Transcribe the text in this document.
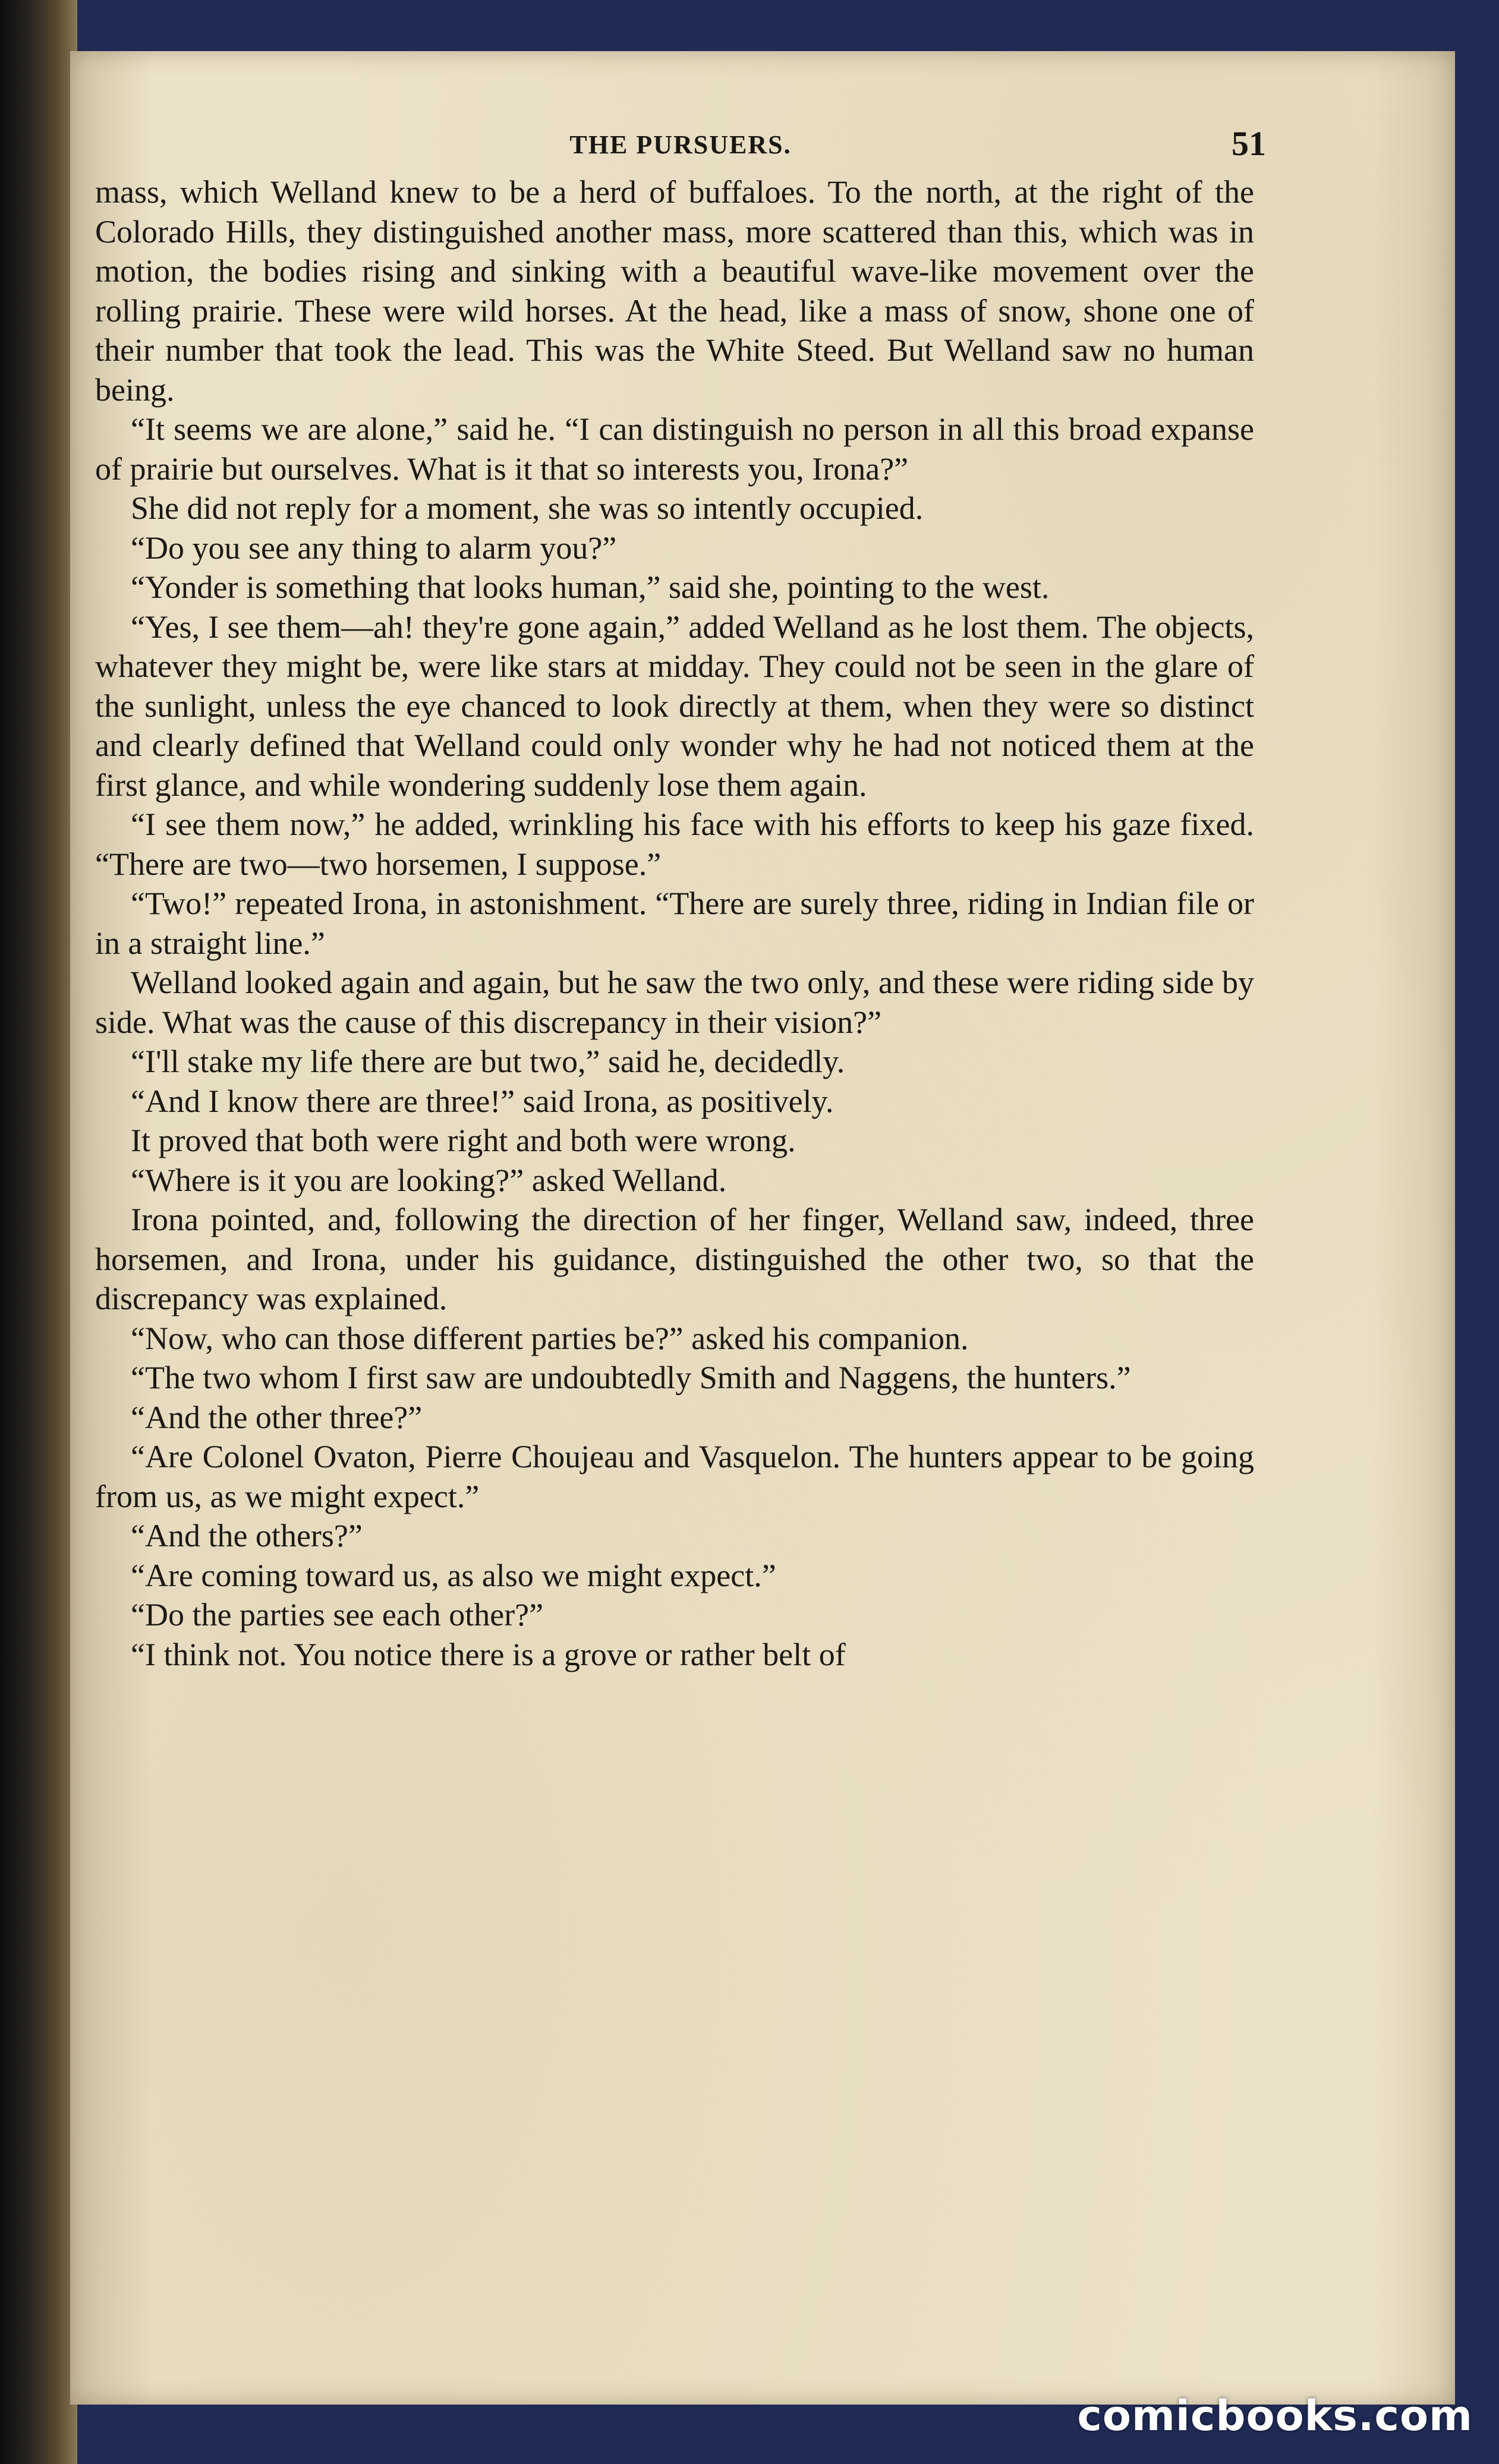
THE PURSUERS.	51

mass, which Welland knew to be a herd of buffaloes. To the north, at the right of the Colorado Hills, they distinguished another mass, more scattered than this, which was in motion, the bodies rising and sinking with a beautiful wave-like movement over the rolling prairie. These were wild horses. At the head, like a mass of snow, shone one of their number that took the lead. This was the White Steed. But Welland saw no human being.

“It seems we are alone,” said he. “I can distinguish no person in all this broad expanse of prairie but ourselves. What is it that so interests you, Irona?”

She did not reply for a moment, she was so intently occupied.

“Do you see any thing to alarm you?”

“Yonder is something that looks human,” said she, pointing to the west.

“Yes, I see them—ah! they're gone again,” added Welland as he lost them. The objects, whatever they might be, were like stars at midday. They could not be seen in the glare of the sunlight, unless the eye chanced to look directly at them, when they were so distinct and clearly defined that Welland could only wonder why he had not noticed them at the first glance, and while wondering suddenly lose them again.

“I see them now,” he added, wrinkling his face with his efforts to keep his gaze fixed. “There are two—two horsemen, I suppose.”

“Two!” repeated Irona, in astonishment. “There are surely three, riding in Indian file or in a straight line.”

Welland looked again and again, but he saw the two only, and these were riding side by side. What was the cause of this discrepancy in their vision?”

“I'll stake my life there are but two,” said he, decidedly.

“And I know there are three!” said Irona, as positively.

It proved that both were right and both were wrong.

“Where is it you are looking?” asked Welland.

Irona pointed, and, following the direction of her finger, Welland saw, indeed, three horsemen, and Irona, under his guidance, distinguished the other two, so that the discrepancy was explained.

“Now, who can those different parties be?” asked his companion.

“The two whom I first saw are undoubtedly Smith and Naggens, the hunters.”

“And the other three?”

“Are Colonel Ovaton, Pierre Choujeau and Vasquelon. The hunters appear to be going from us, as we might expect.”

“And the others?”

“Are coming toward us, as also we might expect.”

“Do the parties see each other?”

“I think not. You notice there is a grove or rather belt of

comicbooks.com
